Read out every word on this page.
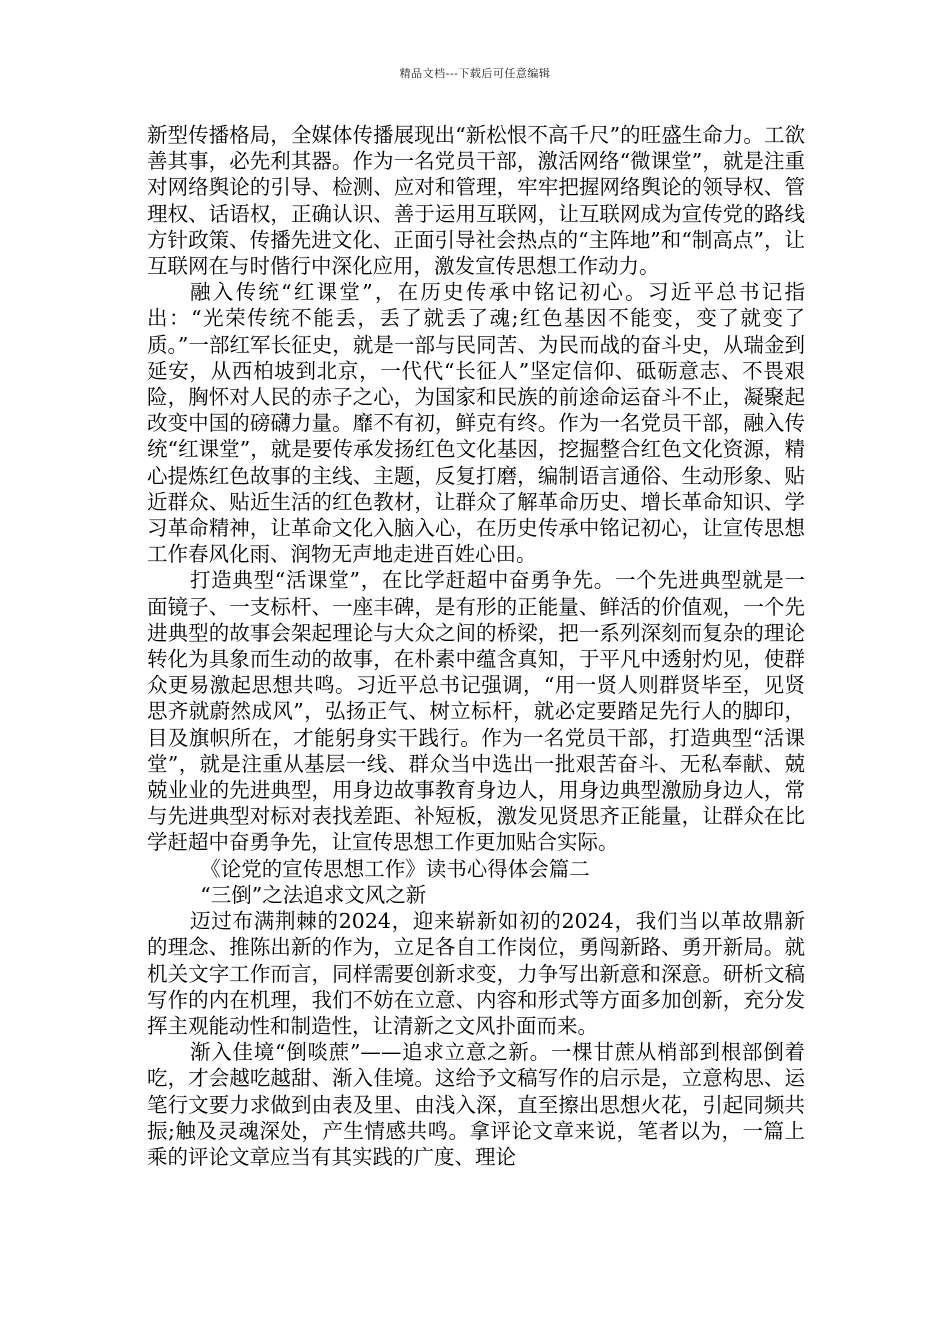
精品文档---下载后可任意编辑

新型传播格局，全媒体传播展现出“新松恨不高千尺”的旺盛生命力。工欲善其事，必先利其器。作为一名党员干部，激活网络“微课堂”，就是注重对网络舆论的引导、检测、应对和管理，牢牢把握网络舆论的领导权、管理权、话语权，正确认识、善于运用互联网，让互联网成为宣传党的路线方针政策、传播先进文化、正面引导社会热点的“主阵地”和“制高点”，让互联网在与时偕行中深化应用，激发宣传思想工作动力。

融入传统“红课堂”，在历史传承中铭记初心。习近平总书记指出：“光荣传统不能丢，丢了就丢了魂;红色基因不能变，变了就变了质。”一部红军长征史，就是一部与民同苦、为民而战的奋斗史，从瑞金到延安，从西柏坡到北京，一代代“长征人”坚定信仰、砥砺意志、不畏艰险，胸怀对人民的赤子之心，为国家和民族的前途命运奋斗不止，凝聚起改变中国的磅礴力量。靡不有初，鲜克有终。作为一名党员干部，融入传统“红课堂”，就是要传承发扬红色文化基因，挖掘整合红色文化资源，精心提炼红色故事的主线、主题，反复打磨，编制语言通俗、生动形象、贴近群众、贴近生活的红色教材，让群众了解革命历史、增长革命知识、学习革命精神，让革命文化入脑入心，在历史传承中铭记初心，让宣传思想工作春风化雨、润物无声地走进百姓心田。

打造典型“活课堂”，在比学赶超中奋勇争先。一个先进典型就是一面镜子、一支标杆、一座丰碑，是有形的正能量、鲜活的价值观，一个先进典型的故事会架起理论与大众之间的桥梁，把一系列深刻而复杂的理论转化为具象而生动的故事，在朴素中蕴含真知，于平凡中透射灼见，使群众更易激起思想共鸣。习近平总书记强调，“用一贤人则群贤毕至，见贤思齐就蔚然成风”，弘扬正气、树立标杆，就必定要踏足先行人的脚印，目及旗帜所在，才能躬身实干践行。作为一名党员干部，打造典型“活课堂”，就是注重从基层一线、群众当中选出一批艰苦奋斗、无私奉献、兢兢业业的先进典型，用身边故事教育身边人，用身边典型激励身边人，常与先进典型对标对表找差距、补短板，激发见贤思齐正能量，让群众在比学赶超中奋勇争先，让宣传思想工作更加贴合实际。

《论党的宣传思想工作》读书心得体会篇二

“三倒”之法追求文风之新

迈过布满荆棘的2024，迎来崭新如初的2024，我们当以革故鼎新的理念、推陈出新的作为，立足各自工作岗位，勇闯新路、勇开新局。就机关文字工作而言，同样需要创新求变，力争写出新意和深意。研析文稿写作的内在机理，我们不妨在立意、内容和形式等方面多加创新，充分发挥主观能动性和制造性，让清新之文风扑面而来。

渐入佳境“倒啖蔗”——追求立意之新。一棵甘蔗从梢部到根部倒着吃，才会越吃越甜、渐入佳境。这给予文稿写作的启示是，立意构思、运笔行文要力求做到由表及里、由浅入深，直至擦出思想火花，引起同频共振;触及灵魂深处，产生情感共鸣。拿评论文章来说，笔者以为，一篇上乘的评论文章应当有其实践的广度、理论
